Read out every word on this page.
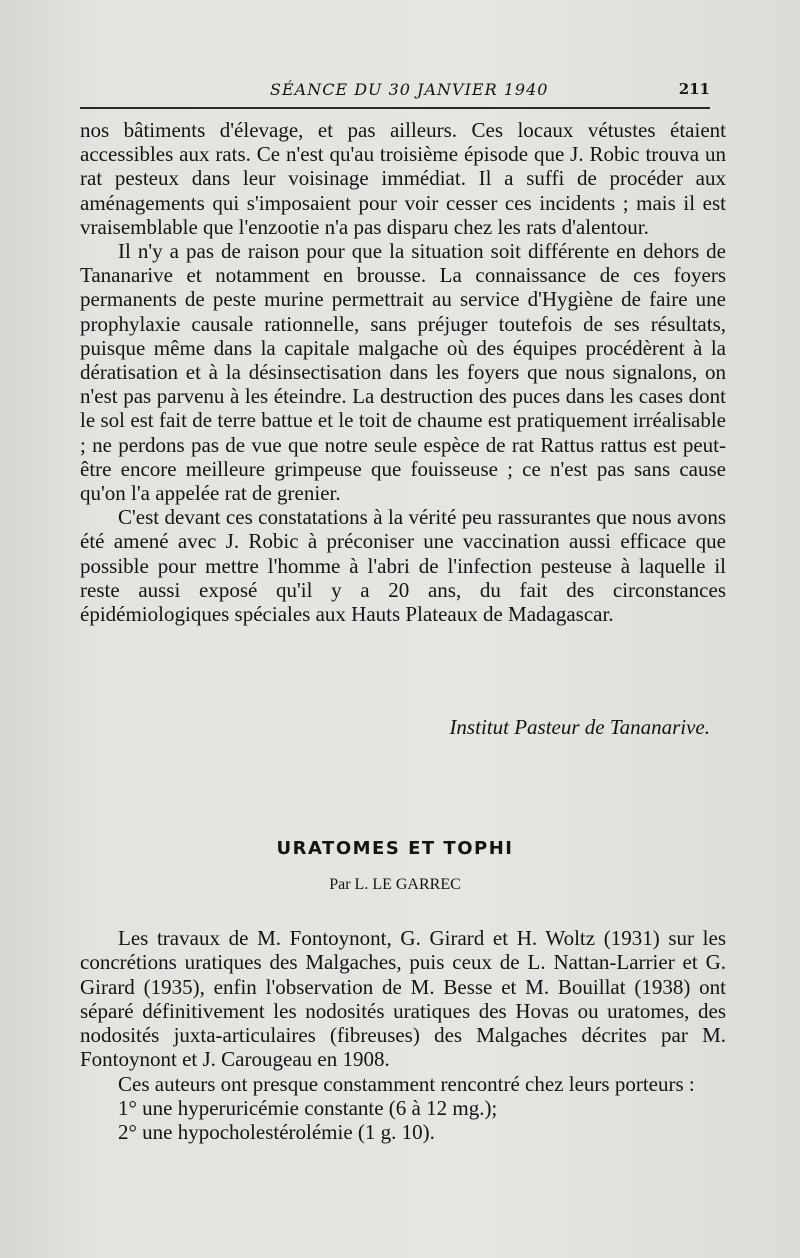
SÉANCE DU 30 JANVIER 1940	211

nos bâtiments d'élevage, et pas ailleurs. Ces locaux vétustes étaient accessibles aux rats. Ce n'est qu'au troisième épisode que J. Robic trouva un rat pesteux dans leur voisinage immédiat. Il a suffi de procéder aux aménagements qui s'imposaient pour voir cesser ces incidents ; mais il est vraisemblable que l'enzootie n'a pas disparu chez les rats d'alentour.

Il n'y a pas de raison pour que la situation soit différente en dehors de Tananarive et notamment en brousse. La connaissance de ces foyers permanents de peste murine permettrait au service d'Hygiène de faire une prophylaxie causale rationnelle, sans préjuger toutefois de ses résultats, puisque même dans la capitale malgache où des équipes procédèrent à la dératisation et à la désinsectisation dans les foyers que nous signalons, on n'est pas parvenu à les éteindre. La destruction des puces dans les cases dont le sol est fait de terre battue et le toit de chaume est pratiquement irréalisable ; ne perdons pas de vue que notre seule espèce de rat Rattus rattus est peut-être encore meilleure grimpeuse que fouisseuse ; ce n'est pas sans cause qu'on l'a appelée rat de grenier.

C'est devant ces constatations à la vérité peu rassurantes que nous avons été amené avec J. Robic à préconiser une vaccination aussi efficace que possible pour mettre l'homme à l'abri de l'infection pesteuse à laquelle il reste aussi exposé qu'il y a 20 ans, du fait des circonstances épidémiologiques spéciales aux Hauts Plateaux de Madagascar.

Institut Pasteur de Tananarive.
URATOMES ET TOPHI
Par L. LE GARREC

Les travaux de M. Fontoynont, G. Girard et H. Woltz (1931) sur les concrétions uratiques des Malgaches, puis ceux de L. Nattan-Larrier et G. Girard (1935), enfin l'observation de M. Besse et M. Bouillat (1938) ont séparé définitivement les nodosités uratiques des Hovas ou uratomes, des nodosités juxta-articulaires (fibreuses) des Malgaches décrites par M. Fontoynont et J. Carougeau en 1908.

Ces auteurs ont presque constamment rencontré chez leurs porteurs :

1° une hyperuricémie constante (6 à 12 mg.);

2° une hypocholestérolémie (1 g. 10).
